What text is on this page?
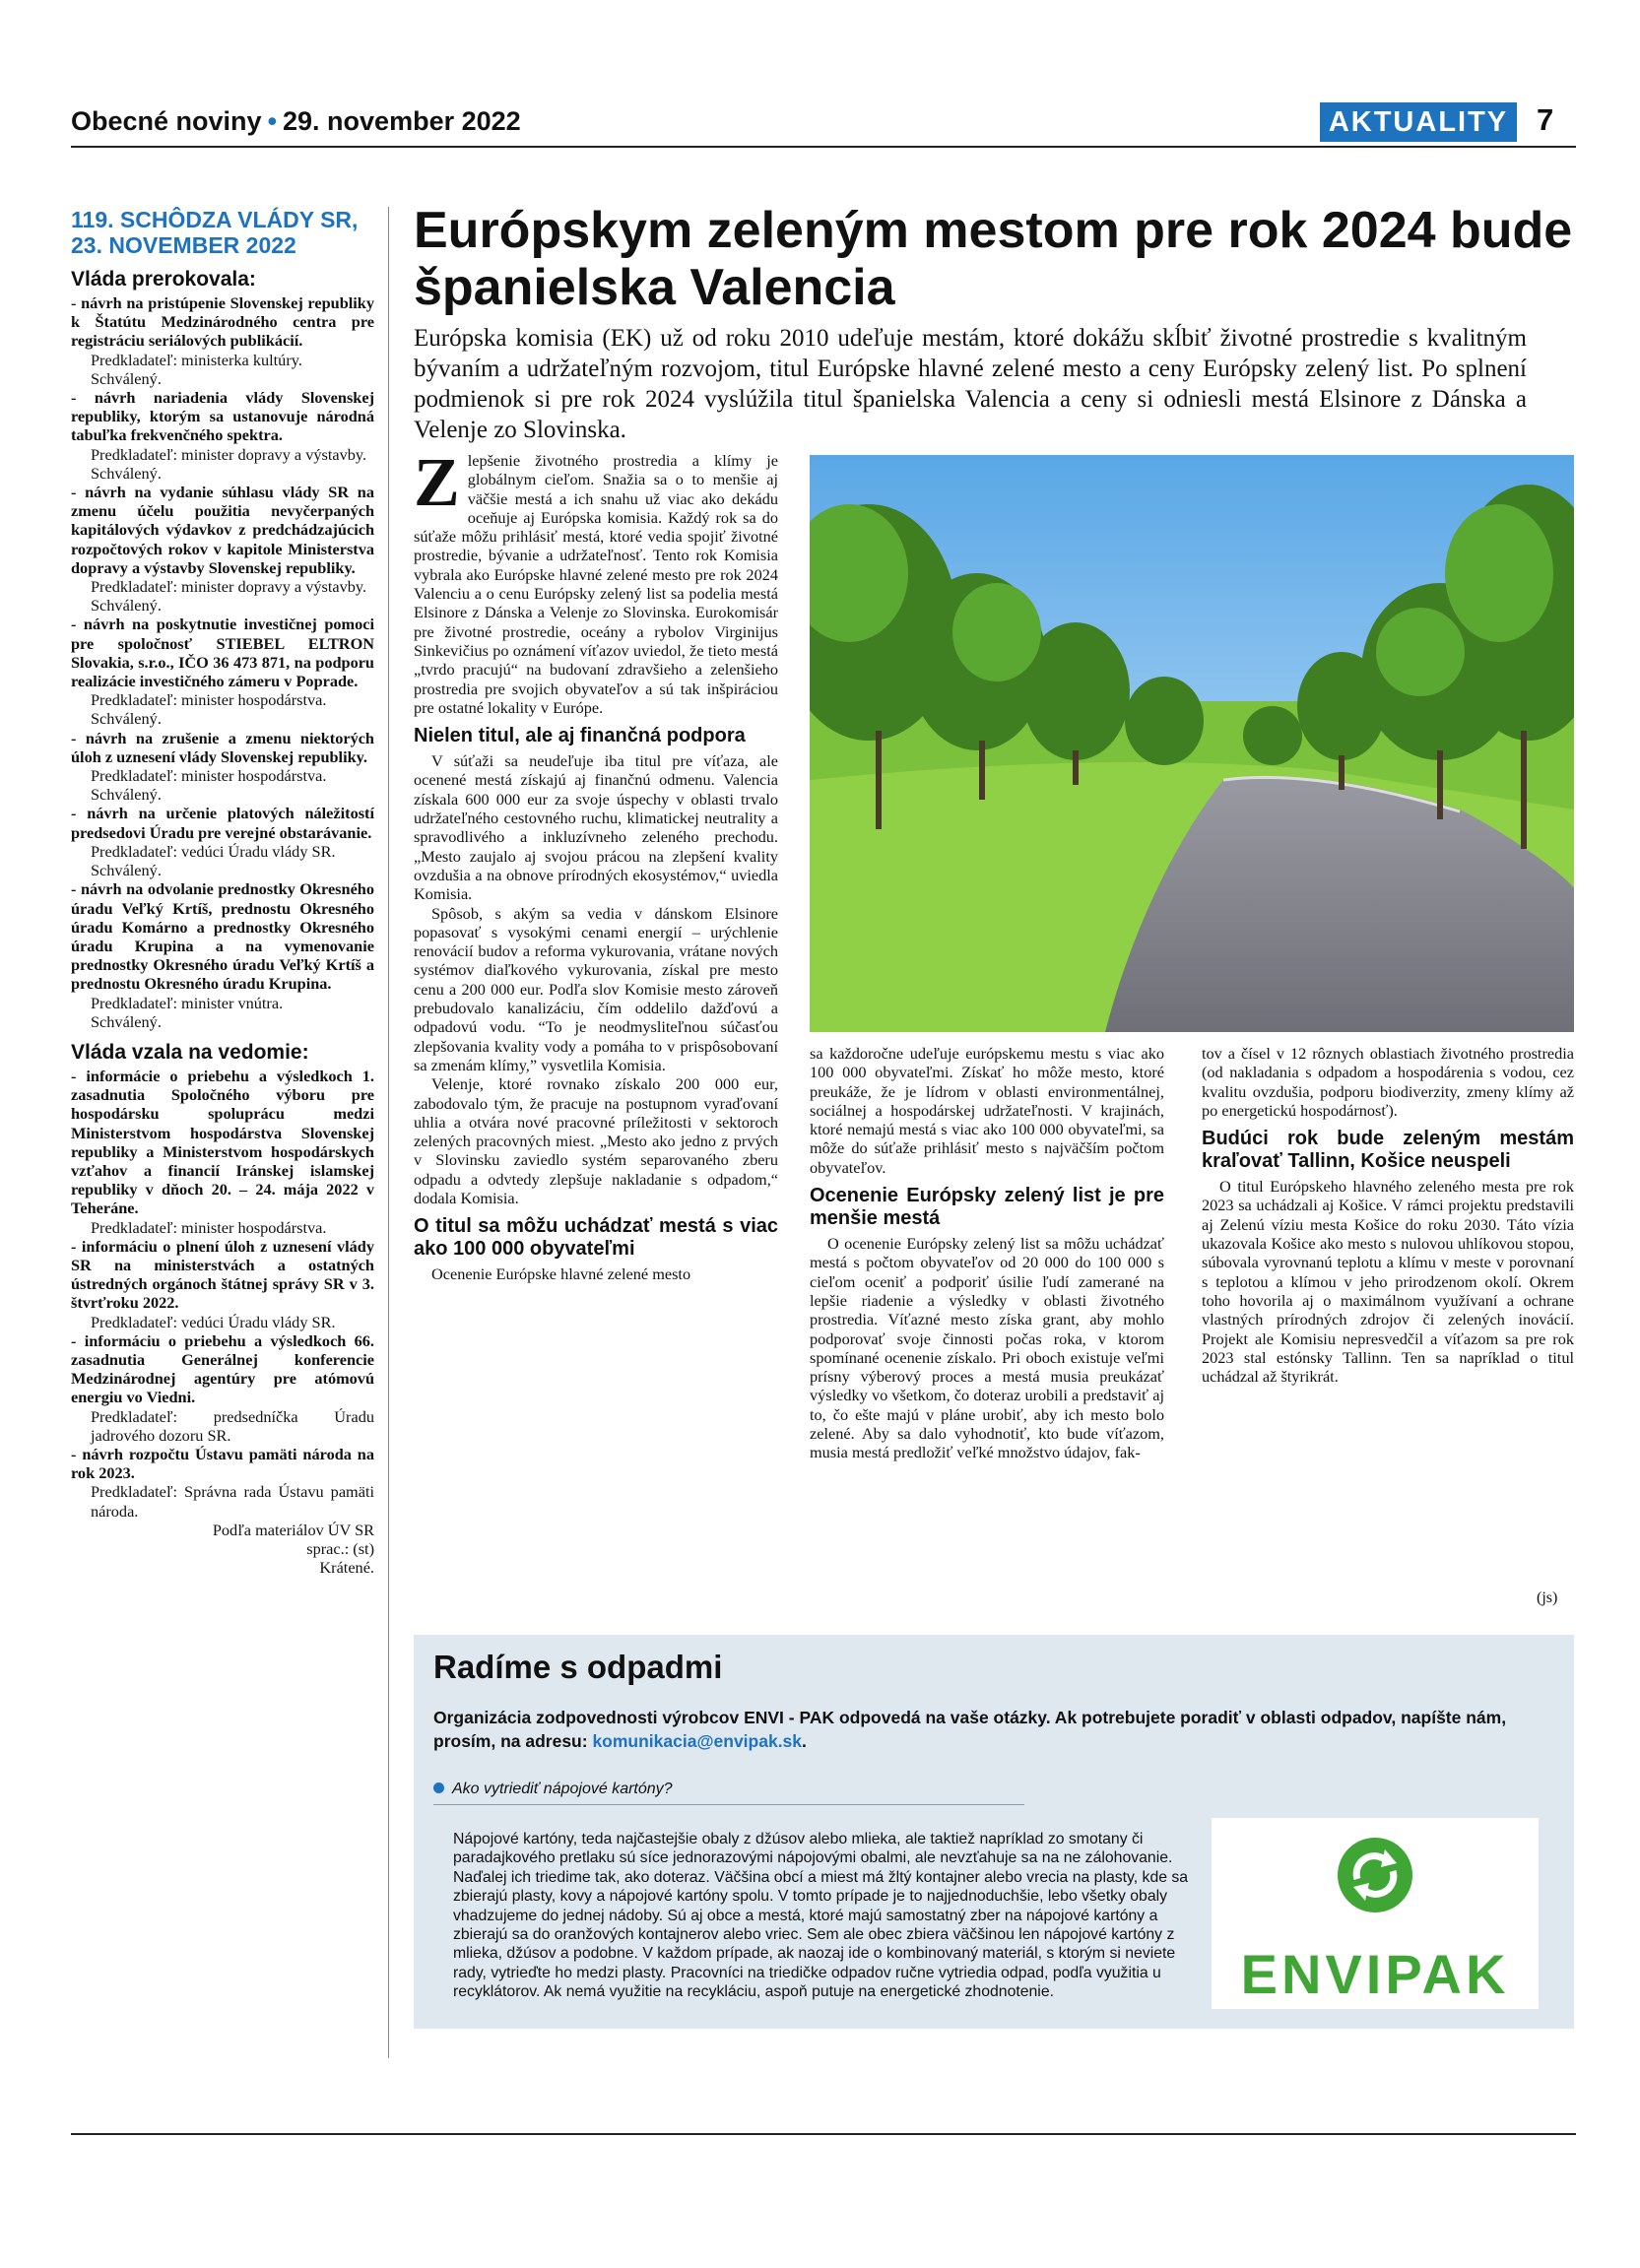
Obecné noviny • 29. november 2022	AKTUALITY 7

119. SCHÔDZA VLÁDY SR,

23. NOVEMBER 2022

Vláda prerokovala:

- návrh na pristúpenie Slovenskej republiky k Štatútu Medzinárodného centra pre registráciu seriálových publikácií.

Predkladateľ: ministerka kultúry.

Schválený.

- návrh nariadenia vlády Slovenskej republiky, ktorým sa ustanovuje národná tabuľka frekvenčného spektra.

Predkladateľ: minister dopravy a výstavby.

Schválený.

- návrh na vydanie súhlasu vlády SR na zmenu účelu použitia nevyčerpaných kapitálových výdavkov z predchádzajúcich rozpočtových rokov v kapitole Ministerstva dopravy a výstavby Slovenskej republiky.

Predkladateľ: minister dopravy a výstavby.

Schválený.

- návrh na poskytnutie investičnej pomoci pre spoločnosť STIEBEL ELTRON Slovakia, s.r.o., IČO 36 473 871, na podporu realizácie investičného zámeru v Poprade.

Predkladateľ: minister hospodárstva.

Schválený.

- návrh na zrušenie a zmenu niektorých úloh z uznesení vlády Slovenskej republiky.

Predkladateľ: minister hospodárstva.

Schválený.

- návrh na určenie platových náležitostí predsedovi Úradu pre verejné obstarávanie.

Predkladateľ: vedúci Úradu vlády SR.

Schválený.

- návrh na odvolanie prednostky Okresného úradu Veľký Krtíš, prednostu Okresného úradu Komárno a prednostky Okresného úradu Krupina a na vymenovanie prednostky Okresného úradu Veľký Krtíš a prednostu Okresného úradu Krupina.

Predkladateľ: minister vnútra.

Schválený.

Vláda vzala na vedomie:

- informácie o priebehu a výsledkoch 1. zasadnutia Spoločného výboru pre hospodársku spoluprácu medzi Ministerstvom hospodárstva Slovenskej republiky a Ministerstvom hospodárskych vzťahov a financií Iránskej islamskej republiky v dňoch 20. – 24. mája 2022 v Teheráne.

Predkladateľ: minister hospodárstva.

- informáciu o plnení úloh z uznesení vlády SR na ministerstvách a ostatných ústredných orgánoch štátnej správy SR v 3. štvrťroku 2022.

Predkladateľ: vedúci Úradu vlády SR.

- informáciu o priebehu a výsledkoch 66. zasadnutia Generálnej konferencie Medzinárodnej agentúry pre atómovú energiu vo Viedni.

Predkladateľ: predsedníčka Úradu jadrového dozoru SR.

- návrh rozpočtu Ústavu pamäti národa na rok 2023.

Predkladateľ: Správna rada Ústavu pamäti národa.

Podľa materiálov ÚV SR

sprac.: (st)

Krátené.

Európskym zeleným mestom pre rok 2024 bude španielska Valencia
Európska komisia (EK) už od roku 2010 udeľuje mestám, ktoré dokážu skĺbiť životné prostredie s kvalitným bývaním a udržateľným rozvojom, titul Európske hlavné zelené mesto a ceny Európsky zelený list. Po splnení podmienok si pre rok 2024 vyslúžila titul španielska Valencia a ceny si odniesli mestá Elsinore z Dánska a Velenje zo Slovinska.

Zlepšenie životného prostredia a klímy je globálnym cieľom. Snažia sa o to menšie aj väčšie mestá a ich snahu už viac ako dekádu oceňuje aj Európska komisia. Každý rok sa do súťaže môžu prihlásiť mestá, ktoré vedia spojiť životné prostredie, bývanie a udržateľnosť. Tento rok Komisia vybrala ako Európske hlavné zelené mesto pre rok 2024 Valenciu a o cenu Európsky zelený list sa podelia mestá Elsinore z Dánska a Velenje zo Slovinska. Eurokomisár pre životné prostredie, oceány a rybolov Virginijus Sinkevičius po oznámení víťazov uviedol, že tieto mestá „tvrdo pracujú“ na budovaní zdravšieho a zelenšieho prostredia pre svojich obyvateľov a sú tak inšpiráciou pre ostatné lokality v Európe.

Nielen titul, ale aj finančná podpora

V súťaži sa neudeľuje iba titul pre víťaza, ale ocenené mestá získajú aj finančnú odmenu. Valencia získala 600 000 eur za svoje úspechy v oblasti trvalo udržateľného cestovného ruchu, klimatickej neutrality a spravodlivého a inkluzívneho zeleného prechodu. „Mesto zaujalo aj svojou prácou na zlepšení kvality ovzdušia a na obnove prírodných ekosystémov,“ uviedla Komisia.

Spôsob, s akým sa vedia v dánskom Elsinore popasovať s vysokými cenami energií – urýchlenie renovácií budov a reforma vykurovania, vrátane nových systémov diaľkového vykurovania, získal pre mesto cenu a 200 000 eur. Podľa slov Komisie mesto zároveň prebudovalo kanalizáciu, čím oddelilo dažďovú a odpadovú vodu. “To je neodmysliteľnou súčasťou zlepšovania kvality vody a pomáha to v prispôsobovaní sa zmenám klímy,” vysvetlila Komisia.

Velenje, ktoré rovnako získalo 200 000 eur, zabodovalo tým, že pracuje na postupnom vyraďovaní uhlia a otvára nové pracovné príležitosti v sektoroch zelených pracovných miest. „Mesto ako jedno z prvých v Slovinsku zaviedlo systém separovaného zberu odpadu a odvtedy zlepšuje nakladanie s odpadom,“ dodala Komisia.

O titul sa môžu uchádzať mestá s viac ako 100 000 obyvateľmi

Ocenenie Európske hlavné zelené mesto

sa každoročne udeľuje európskemu mestu s viac ako 100 000 obyvateľmi. Získať ho môže mesto, ktoré preukáže, že je lídrom v oblasti environmentálnej, sociálnej a hospodárskej udržateľnosti. V krajinách, ktoré nemajú mestá s viac ako 100 000 obyvateľmi, sa môže do súťaže prihlásiť mesto s najväčším počtom obyvateľov.

Ocenenie Európsky zelený list je pre menšie mestá

O ocenenie Európsky zelený list sa môžu uchádzať mestá s počtom obyvateľov od 20 000 do 100 000 s cieľom oceniť a podporiť úsilie ľudí zamerané na lepšie riadenie a výsledky v oblasti životného prostredia. Víťazné mesto získa grant, aby mohlo podporovať svoje činnosti počas roka, v ktorom spomínané ocenenie získalo. Pri oboch existuje veľmi prísny výberový proces a mestá musia preukázať výsledky vo všetkom, čo doteraz urobili a predstaviť aj to, čo ešte majú v pláne urobiť, aby ich mesto bolo zelené. Aby sa dalo vyhodnotiť, kto bude víťazom, musia mestá predložiť veľké množstvo údajov, fak-

tov a čísel v 12 rôznych oblastiach životného prostredia (od nakladania s odpadom a hospodárenia s vodou, cez kvalitu ovzdušia, podporu biodiverzity, zmeny klímy až po energetickú hospodárnosť).

Budúci rok bude zeleným mestám kraľovať Tallinn, Košice neuspeli

O titul Európskeho hlavného zeleného mesta pre rok 2023 sa uchádzali aj Košice. V rámci projektu predstavili aj Zelenú víziu mesta Košice do roku 2030. Táto vízia ukazovala Košice ako mesto s nulovou uhlíkovou stopou, súbovala vyrovnanú teplotu a klímu v meste v porovnaní s teplotou a klímou v jeho prirodzenom okolí. Okrem toho hovorila aj o maximálnom využívaní a ochrane vlastných prírodných zdrojov či zelených inovácií. Projekt ale Komisiu nepresvedčil a víťazom sa pre rok 2023 stal estónsky Tallinn. Ten sa napríklad o titul uchádzal až štyrikrát.

(js)
Radíme s odpadmi
Organizácia zodpovednosti výrobcov ENVI - PAK odpovedá na vaše otázky. Ak potrebujete poradiť v oblasti odpadov, napíšte nám, prosím, na adresu: komunikacia@envipak.sk.
Ako vytriediť nápojové kartóny?
Nápojové kartóny, teda najčastejšie obaly z džúsov alebo mlieka, ale taktiež napríklad zo smotany či paradajkového pretlaku sú síce jednorazovými nápojovými obalmi, ale nevzťahuje sa na ne zálohovanie. Naďalej ich triedime tak, ako doteraz. Väčšina obcí a miest má žltý kontajner alebo vrecia na plasty, kde sa zbierajú plasty, kovy a nápojové kartóny spolu. V tomto prípade je to najjednoduchšie, lebo všetky obaly vhadzujeme do jednej nádoby. Sú aj obce a mestá, ktoré majú samostatný zber na nápojové kartóny a zbierajú sa do oranžových kontajnerov alebo vriec. Sem ale obec zbiera väčšinou len nápojové kartóny z mlieka, džúsov a podobne. V každom prípade, ak naozaj ide o kombinovaný materiál, s ktorým si neviete rady, vytrieďte ho medzi plasty. Pracovníci na triedičke odpadov ručne vytriedia odpad, podľa využitia u recyklátorov. Ak nemá využitie na recykláciu, aspoň putuje na energetické zhodnotenie.	ENVIPAK
